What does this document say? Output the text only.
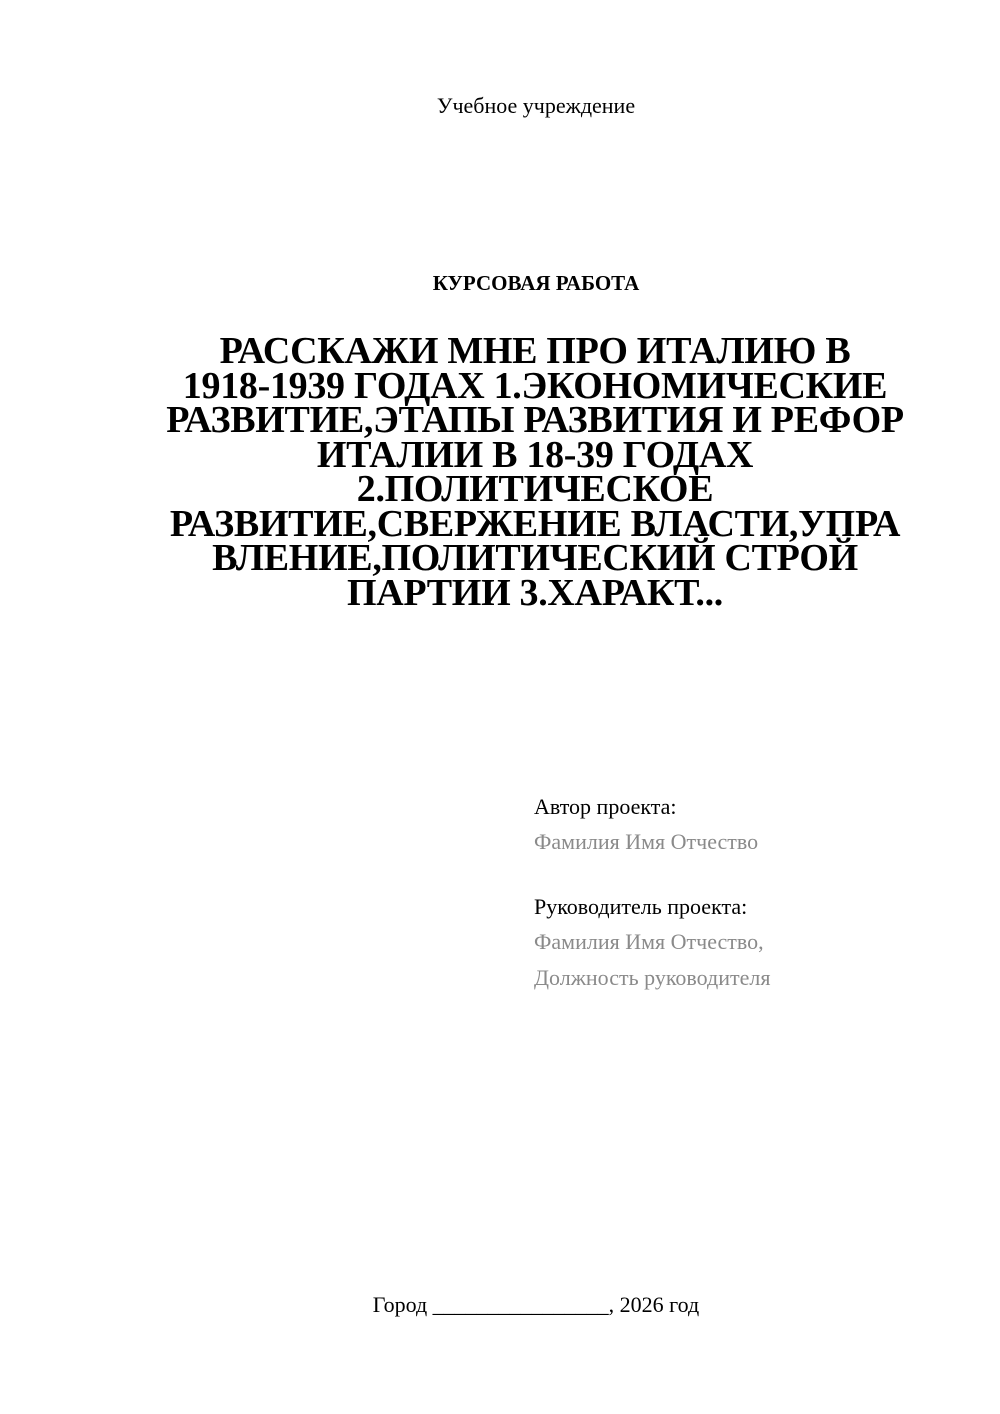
Учебное учреждение
КУРСОВАЯ РАБОТА
РАССКАЖИ МНЕ ПРО ИТАЛИЮ В
1918-1939 ГОДАХ 1.ЭКОНОМИЧЕСКИЕ
РАЗВИТИЕ,ЭТАПЫ РАЗВИТИЯ И РЕФОР
ИТАЛИИ В 18-39 ГОДАХ
2.ПОЛИТИЧЕСКОЕ
РАЗВИТИЕ,СВЕРЖЕНИЕ ВЛАСТИ,УПРА
ВЛЕНИЕ,ПОЛИТИЧЕСКИЙ СТРОЙ
ПАРТИИ 3.ХАРАКТ...
Автор проекта:
Фамилия Имя Отчество
Руководитель проекта:
Фамилия Имя Отчество,
Должность руководителя
Город ________________, 2026 год
